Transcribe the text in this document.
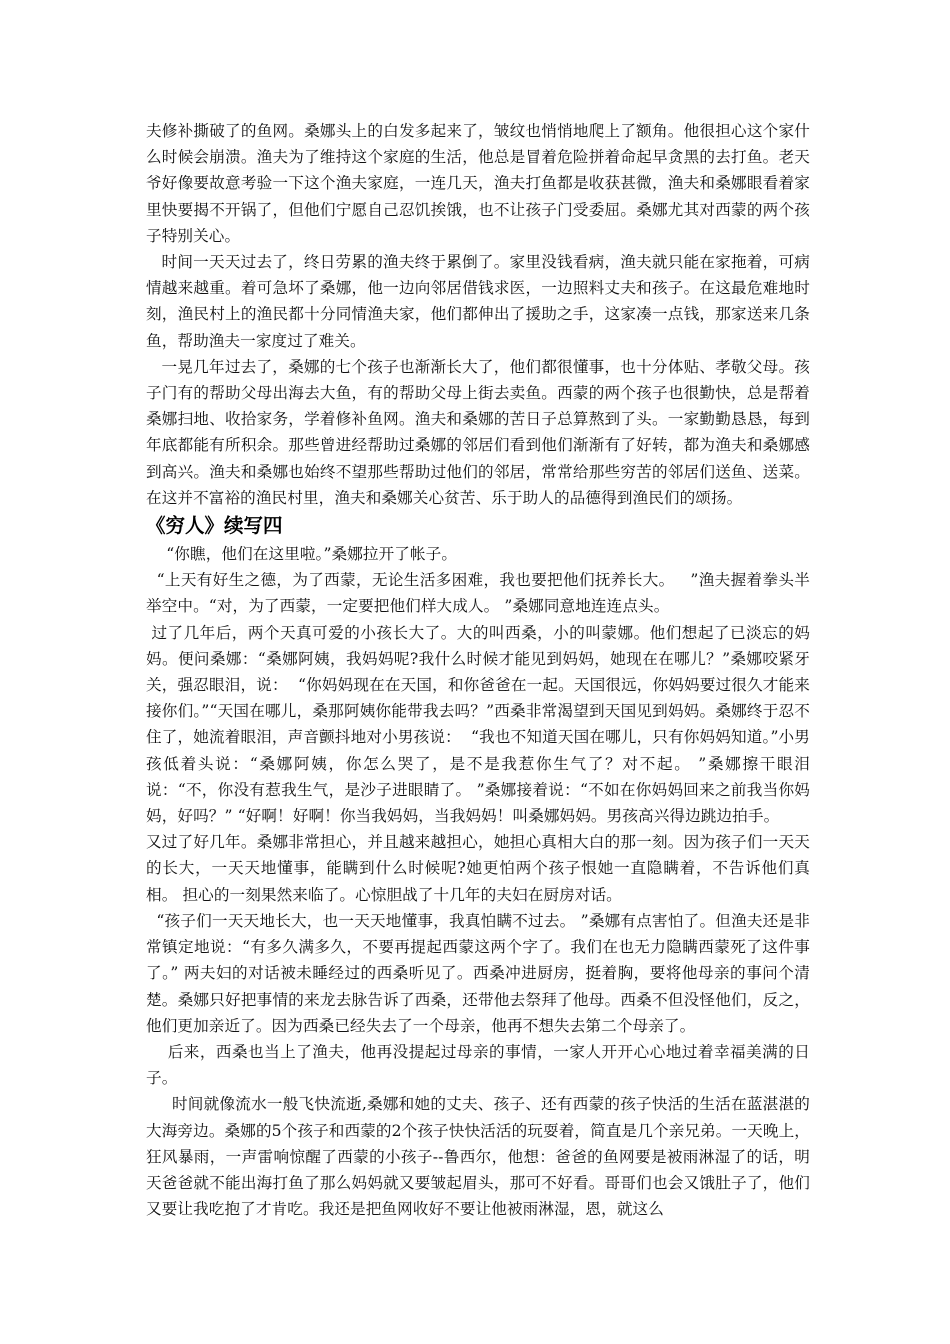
夫修补撕破了的鱼网。桑娜头上的白发多起来了，皱纹也悄悄地爬上了额角。他很担心这个家什么时候会崩溃。渔夫为了维持这个家庭的生活，他总是冒着危险拼着命起早贪黑的去打鱼。老天爷好像要故意考验一下这个渔夫家庭，一连几天，渔夫打鱼都是收获甚微，渔夫和桑娜眼看着家里快要揭不开锅了，但他们宁愿自己忍饥挨饿，也不让孩子门受委屈。桑娜尤其对西蒙的两个孩子特别关心。

时间一天天过去了，终日劳累的渔夫终于累倒了。家里没钱看病，渔夫就只能在家拖着，可病情越来越重。着可急坏了桑娜，他一边向邻居借钱求医，一边照料丈夫和孩子。在这最危难地时刻，渔民村上的渔民都十分同情渔夫家，他们都伸出了援助之手，这家凑一点钱，那家送来几条鱼，帮助渔夫一家度过了难关。

一晃几年过去了，桑娜的七个孩子也渐渐长大了，他们都很懂事，也十分体贴、孝敬父母。孩子门有的帮助父母出海去大鱼，有的帮助父母上街去卖鱼。西蒙的两个孩子也很勤快，总是帮着桑娜扫地、收拾家务，学着修补鱼网。渔夫和桑娜的苦日子总算熬到了头。一家勤勤恳恳，每到年底都能有所积余。那些曾进经帮助过桑娜的邻居们看到他们渐渐有了好转，都为渔夫和桑娜感到高兴。渔夫和桑娜也始终不望那些帮助过他们的邻居，常常给那些穷苦的邻居们送鱼、送菜。 在这并不富裕的渔民村里，渔夫和桑娜关心贫苦、乐于助人的品德得到渔民们的颂扬。

《穷人》续写四

“你瞧，他们在这里啦。”桑娜拉开了帐子。

“上天有好生之德，为了西蒙，无论生活多困难，我也要把他们抚养长大。   ”渔夫握着拳头半举空中。“对，为了西蒙，一定要把他们样大成人。 ”桑娜同意地连连点头。

过了几年后，两个天真可爱的小孩长大了。大的叫西桑，小的叫蒙娜。他们想起了已淡忘的妈妈。便问桑娜：“桑娜阿姨，我妈妈呢?我什么时候才能见到妈妈，她现在在哪儿？”桑娜咬紧牙关，强忍眼泪，说：  “你妈妈现在在天国，和你爸爸在一起。天国很远，你妈妈要过很久才能来接你们。”“天国在哪儿，桑那阿姨你能带我去吗？”西桑非常渴望到天国见到妈妈。桑娜终于忍不住了，她流着眼泪，声音颤抖地对小男孩说：  “我也不知道天国在哪儿，只有你妈妈知道。”小男孩低着头说：“桑娜阿姨，你怎么哭了，是不是我惹你生气了？对不起。 ”桑娜擦干眼泪说：“不，你没有惹我生气，是沙子进眼睛了。 ”桑娜接着说：“不如在你妈妈回来之前我当你妈妈，好吗？” “好啊！好啊！你当我妈妈，当我妈妈！叫桑娜妈妈。男孩高兴得边跳边拍手。

又过了好几年。桑娜非常担心，并且越来越担心，她担心真相大白的那一刻。因为孩子们一天天的长大，一天天地懂事，能瞒到什么时候呢?她更怕两个孩子恨她一直隐瞒着，不告诉他们真相。 担心的一刻果然来临了。心惊胆战了十几年的夫妇在厨房对话。

“孩子们一天天地长大，也一天天地懂事，我真怕瞒不过去。 ”桑娜有点害怕了。但渔夫还是非常镇定地说：“有多久满多久，不要再提起西蒙这两个字了。我们在也无力隐瞒西蒙死了这件事了。” 两夫妇的对话被未睡经过的西桑听见了。西桑冲进厨房，挺着胸，要将他母亲的事问个清楚。桑娜只好把事情的来龙去脉告诉了西桑，还带他去祭拜了他母。西桑不但没怪他们，反之，他们更加亲近了。因为西桑已经失去了一个母亲，他再不想失去第二个母亲了。

后来，西桑也当上了渔夫，他再没提起过母亲的事情，一家人开开心心地过着幸福美满的日子。

时间就像流水一般飞快流逝,桑娜和她的丈夫、孩子、还有西蒙的孩子快活的生活在蓝湛湛的大海旁边。桑娜的5个孩子和西蒙的2个孩子快快活活的玩耍着，简直是几个亲兄弟。一天晚上，狂风暴雨，一声雷响惊醒了西蒙的小孩子--鲁西尔，他想：爸爸的鱼网要是被雨淋湿了的话，明天爸爸就不能出海打鱼了那么妈妈就又要皱起眉头，那可不好看。哥哥们也会又饿肚子了，他们又要让我吃抱了才肯吃。我还是把鱼网收好不要让他被雨淋湿，恩，就这么
